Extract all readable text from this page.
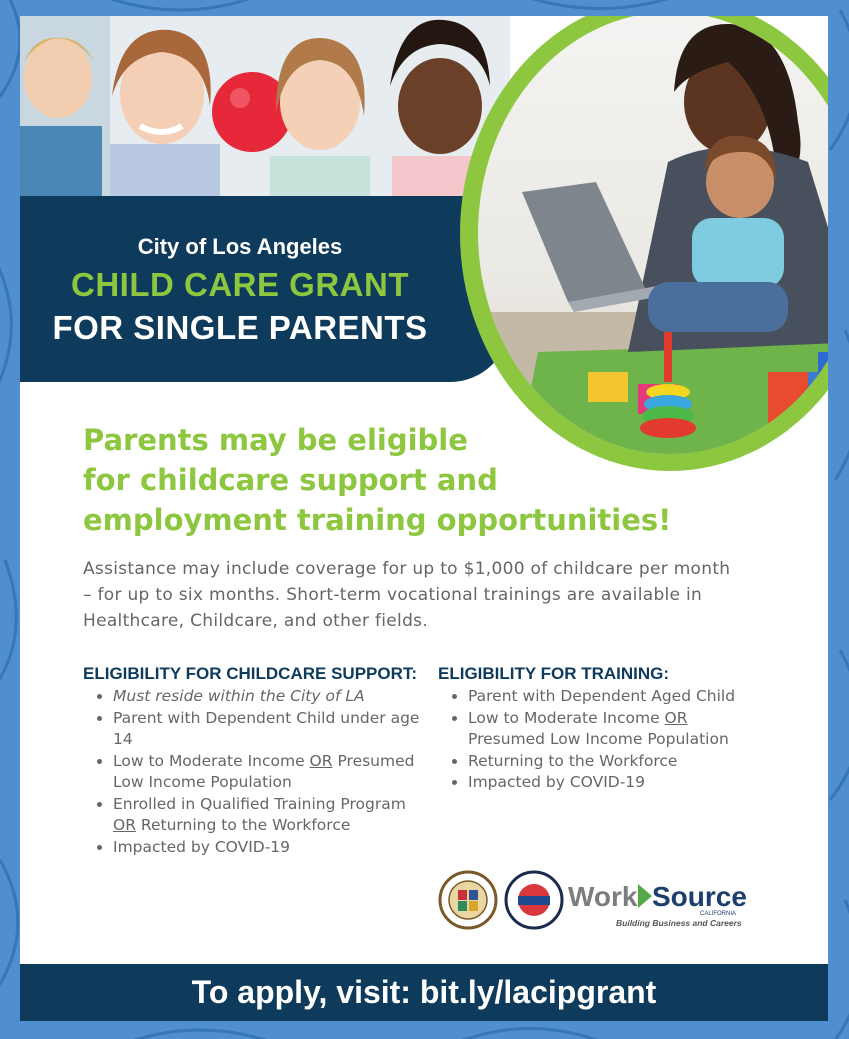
City of Los Angeles
CHILD CARE GRANT
FOR SINGLE PARENTS
Parents may be eligible
for childcare support and
employment training opportunities!
Assistance may include coverage for up to $1,000 of childcare per month – for up to six months. Short-term vocational trainings are available in Healthcare, Childcare, and other fields.
ELIGIBILITY FOR CHILDCARE SUPPORT:
• Must reside within the City of LA
• Parent with Dependent Child under age 14
• Low to Moderate Income OR Presumed Low Income Population
• Enrolled in Qualified Training Program OR Returning to the Workforce
• Impacted by COVID-19
ELIGIBILITY FOR TRAINING:
• Parent with Dependent Aged Child
• Low to Moderate Income OR Presumed Low Income Population
• Returning to the Workforce
• Impacted by COVID-19
Work Source
CALIFORNIA
Building Business and Careers
To apply, visit: bit.ly/lacipgrant
